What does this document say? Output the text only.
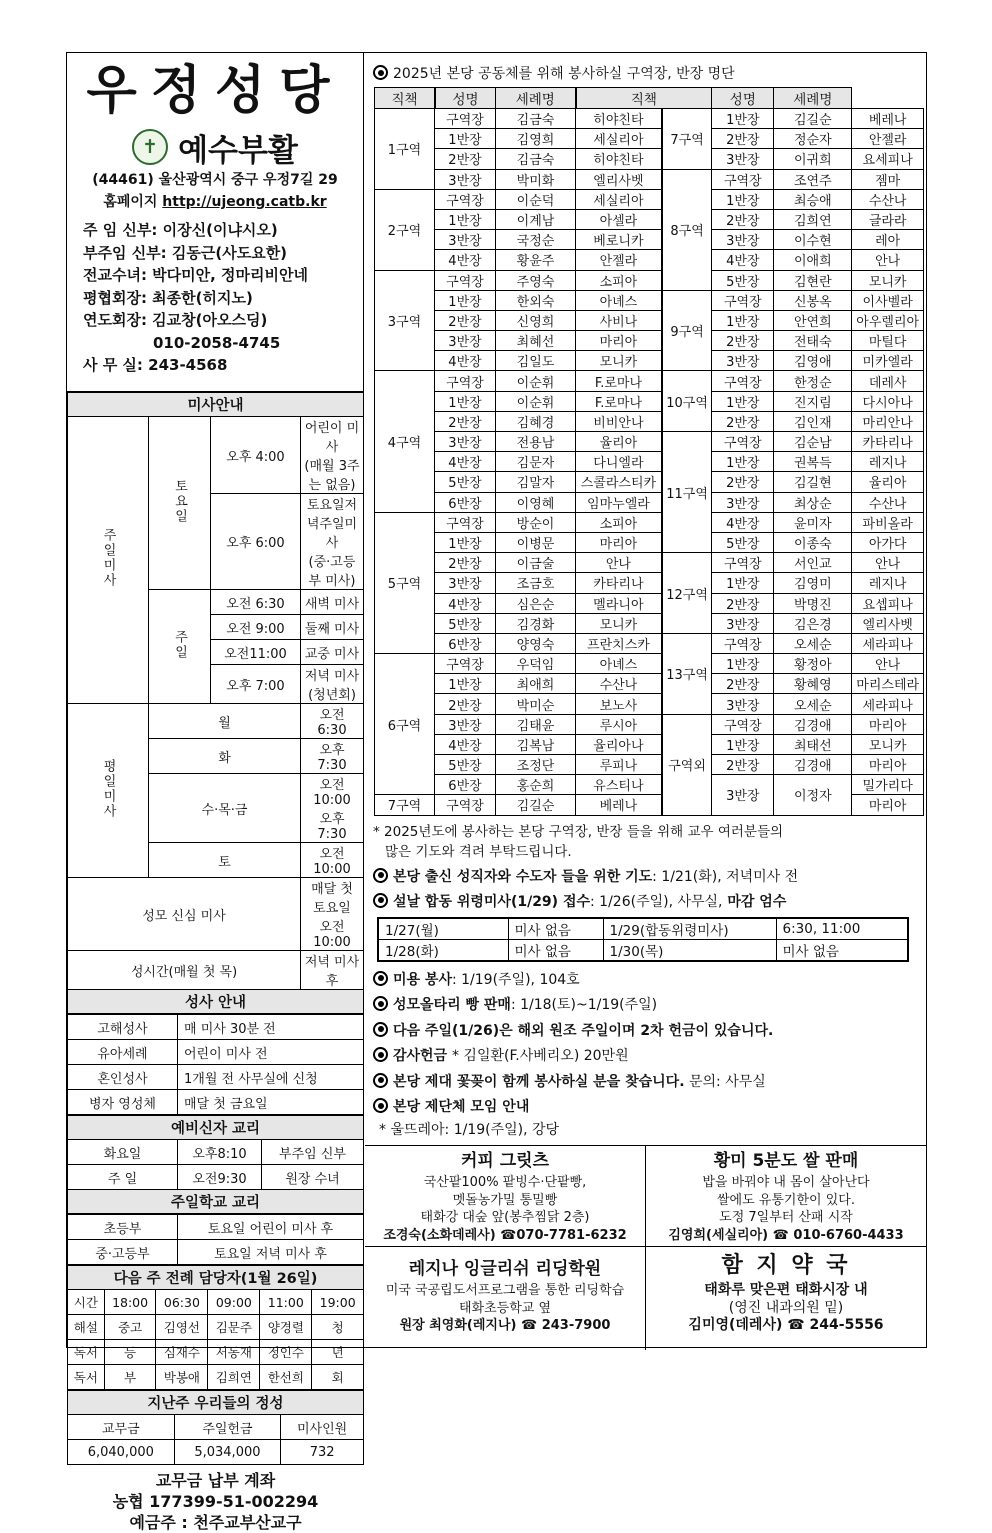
우정성당
✝ 예수부활
(44461) 울산광역시 중구 우정7길 29
홈페이지 http://ujeong.catb.kr
주 임 신부: 이장신(이냐시오)
부주임 신부: 김동근(사도요한)
전교수녀: 박다미안, 정마리비안네
평협회장: 최종한(히지노)
연도회장: 김교창(아오스딩)
010-2058-4745
사 무 실: 243-4568
미사안내			
주일미사	토요일	오후 4:00	어린이 미사
(매월 3주는 없음)

		오후 6:00	토요일저녁주일미사
(중·고등부 미사)

	주일	오전 6:30	새벽 미사
		오전 9:00	둘째 미사
		오전11:00	교중 미사
		오후 7:00	저녁 미사(청년회)
평일미사	월		오전 6:30
	화		오후 7:30
	수·목·금		오전 10:00
오후 7:30

	토		오전 10:00
성모 신심 미사			매달 첫 토요일
오전 10:00

성시간(매월 첫 목)			저녁 미사 후
성사 안내			
고해성사	매 미사 30분 전
유아세례	어린이 미사 전
혼인성사	1개월 전 사무실에 신청
병자 영성체	매달 첫 금요일
예비신자 교리		
화요일	오후8:10	부주임 신부
주 일	오전9:30	원장 수녀
주일학교 교리		
초등부	토요일 어린이 미사 후
중·고등부	토요일 저녁 미사 후
다음 주 전례 담당자(1월 26일)					
시간	18:00	06:30	09:00	11:00	19:00
해설	중고	김영선	김문주	양경렬	청
독서	등	심재수	서동재	정인수	년
독서	부	박봉애	김희연	한선희	회
지난주 우리들의 정성		
교무금	주일헌금	미사인원
6,040,000	5,034,000	732
교무금 납부 계좌
농협 177399-51-002294
예금주 : 천주교부산교구
2025년 본당 공동체를 위해 봉사하실 구역장, 반장 명단
직책		성명	세례명	직책		성명	세례명	
1구역	구역장	김금숙	히야친타	7구역	1반장	김길순	베레나
	1반장	김영희	세실리아		2반장	정순자	안젤라
	2반장	김금숙	히야친타		3반장	이귀희	요세피나
	3반장	박미화	엘리사벳	8구역	구역장	조연주	젬마
2구역	구역장	이순덕	세실리아		1반장	최승애	수산나
	1반장	이계남	아셀라		2반장	김희연	글라라
	3반장	국정순	베로니카		3반장	이수현	레아
	4반장	황윤주	안젤라		4반장	이애희	안나
3구역	구역장	주영숙	소피아		5반장	김현란	모니카
	1반장	한외숙	아녜스	9구역	구역장	신봉옥	이사벨라
	2반장	신영희	사비나		1반장	안연희	아우렐리아
	3반장	최혜선	마리아		2반장	전태숙	마틸다
	4반장	김일도	모니카		3반장	김영애	미카엘라
4구역	구역장	이순휘	F.로마나	10구역	구역장	한정순	데레사
	1반장	이순휘	F.로마나		1반장	진지림	다시아나
	2반장	김혜경	비비안나		2반장	김인재	마리안나
	3반장	전용남	율리아	11구역	구역장	김순남	카타리나
	4반장	김문자	다니엘라		1반장	권복득	레지나
	5반장	김말자	스콜라스티카		2반장	김길현	율리아
	6반장	이영혜	임마누엘라		3반장	최상순	수산나
5구역	구역장	방순이	소피아		4반장	윤미자	파비올라
	1반장	이병문	마리아		5반장	이종숙	아가다
	2반장	이금술	안나	12구역	구역장	서인교	안나
	3반장	조금호	카타리나		1반장	김영미	레지나
	4반장	심은순	멜라니아		2반장	박명진	요셉피나
	5반장	김경화	모니카		3반장	김은경	엘리사벳
	6반장	양영숙	프란치스카	13구역	구역장	오세순	세라피나
6구역	구역장	우덕임	아녜스		1반장	황정아	안나
	1반장	최애희	수산나		2반장	황혜영	마리스테라
	2반장	박미순	보노사		3반장	오세순	세라피나
	3반장	김태윤	루시아	구역외	구역장	김경애	마리아
	4반장	김복남	율리아나		1반장	최태선	모니카
	5반장	조정단	루피나		2반장	김경애	마리아
	6반장	홍순희	유스티나		3반장	이정자	밀가리다
7구역	구역장	김길순	베레나				마리아
* 2025년도에 봉사하는 본당 구역장, 반장 들을 위해 교우 여러분들의
많은 기도와 격려 부탁드립니다.
본당 출신 성직자와 수도자 들을 위한 기도: 1/21(화), 저녁미사 전
설날 합동 위령미사(1/29) 접수: 1/26(주일), 사무실, 마감 엄수
1/27(월)	미사 없음	1/29(합동위령미사)	6:30, 11:00
1/28(화)	미사 없음	1/30(목)	미사 없음
미용 봉사: 1/19(주일), 104호
성모올타리 빵 판매: 1/18(토)~1/19(주일)
다음 주일(1/26)은 해외 원조 주일이며 2차 헌금이 있습니다.
감사헌금 * 김일환(F.사베리오) 20만원
본당 제대 꽃꽂이 함께 봉사하실 분을 찾습니다. 문의: 사무실
본당 제단체 모임 안내
* 울뜨레아: 1/19(주일), 강당
커피 그릿츠
국산팥100% 팥빙수·단팥빵,
멧돌농가밀 통밀빵
태화강 대숲 앞(봉추찜닭 2층)
조경숙(소화데레사) ☎070-7781-6232
황미 5분도 쌀 판매
밥을 바꿔야 내 몸이 살아난다
쌀에도 유통기한이 있다.
도정 7일부터 산패 시작
김영희(세실리아) ☎ 010-6760-4433
레지나 잉글리쉬 리딩학원
미국 국공립도서프로그램을 통한 리딩학습
태화초등학교 옆
원장 최영화(레지나) ☎ 243-7900
함 지 약 국
태화루 맞은편 태화시장 내
(영진 내과의원 밑)
김미영(데레사) ☎ 244-5556
